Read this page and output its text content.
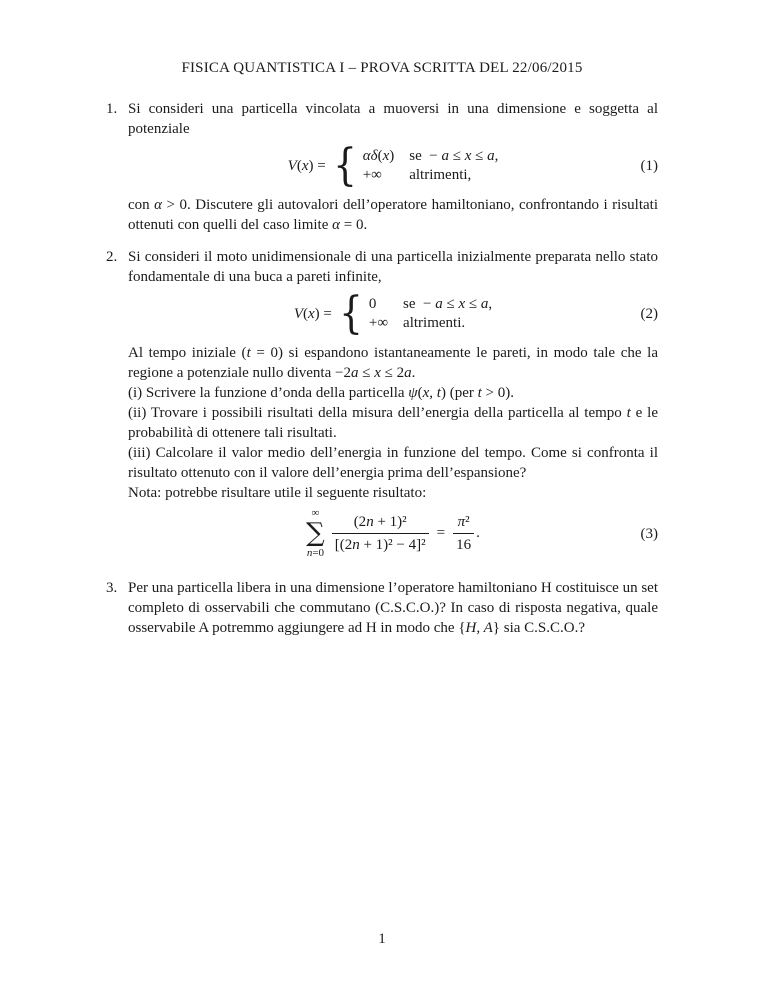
FISICA QUANTISTICA I – PROVA SCRITTA DEL 22/06/2015
1. Si consideri una particella vincolata a muoversi in una dimensione e soggetta al potenziale

V(x) = { αδ(x) se − a ≤ x ≤ a,
+∞	altrimenti,
(1)

con α > 0. Discutere gli autovalori dell’operatore hamiltoniano, confrontando i risultati ottenuti con quelli del caso limite α = 0.

2. Si consideri il moto unidimensionale di una particella inizialmente preparata nello stato fondamentale di una buca a pareti infinite,

V(x) = { 0	se − a ≤ x ≤ a,
+∞ altrimenti.
(2)

Al tempo iniziale (t = 0) si espandono istantaneamente le pareti, in modo tale che la regione a potenziale nullo diventa −2a ≤ x ≤ 2a.

(i) Scrivere la funzione d’onda della particella ψ(x, t) (per t > 0).

(ii) Trovare i possibili risultati della misura dell’energia della particella al tempo t e le probabilità di ottenere tali risultati.

(iii) Calcolare il valor medio dell’energia in funzione del tempo. Come si confronta il risultato ottenuto con il valore dell’energia prima dell’espansione?

Nota: potrebbe risultare utile il seguente risultato:

∞
∑
$n=0 \frac{\text{(2n + 1)²}}{\text{[(2n + 1)² − 4]²}} = \frac{\text{π²}}{16}$ .	(3)
3. Per una particella libera in una dimensione l’operatore hamiltoniano H costituisce un set completo di osservabili che commutano (C.S.C.O.)? In caso di risposta negativa, quale osservabile A potremmo aggiungere ad H in modo che {H, A} sia C.S.C.O.?

1
